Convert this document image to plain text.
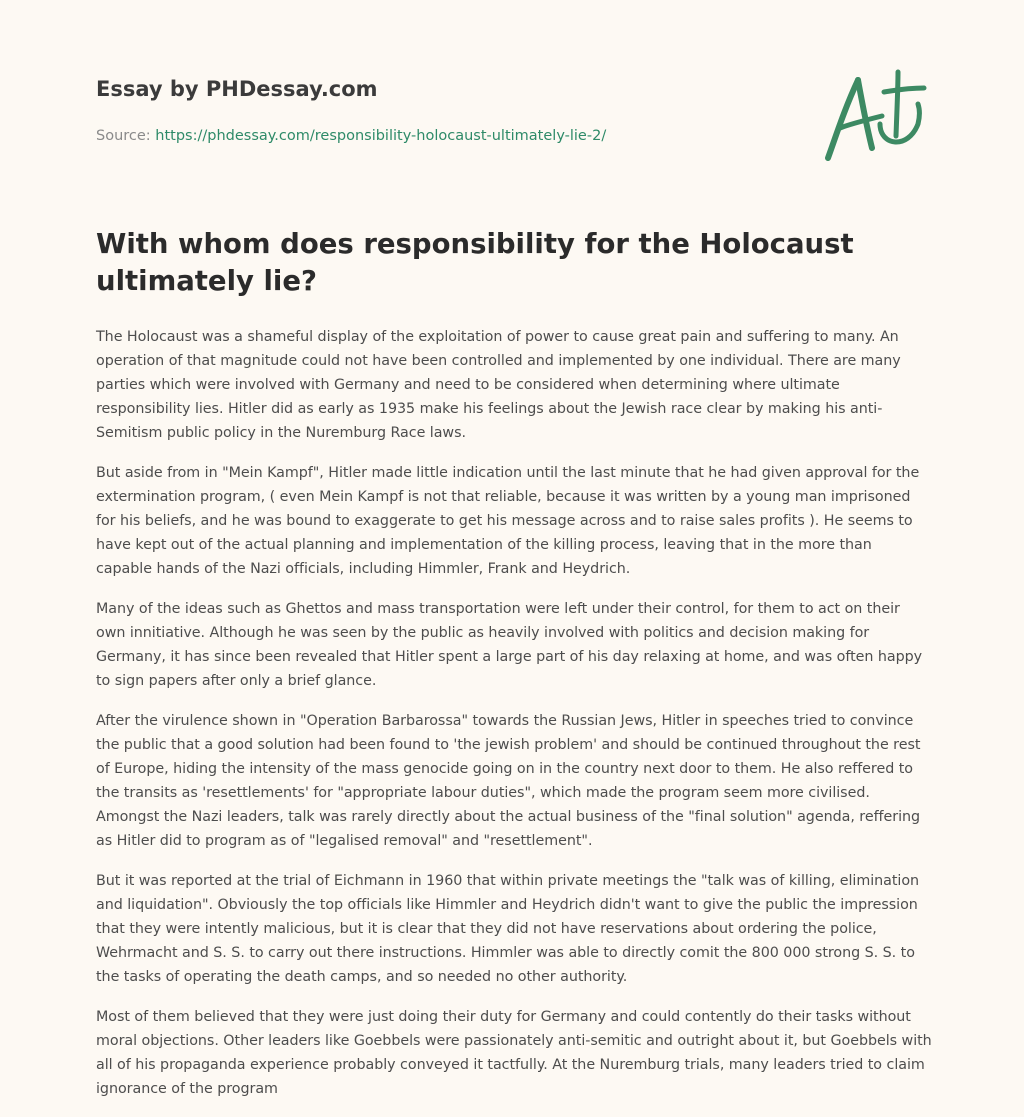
Essay by PHDessay.com
Source: https://phdessay.com/responsibility-holocaust-ultimately-lie-2/
With whom does responsibility for the Holocaust ultimately lie?

The Holocaust was a shameful display of the exploitation of power to cause great pain and suffering to many. An operation of that magnitude could not have been controlled and implemented by one individual. There are many parties which were involved with Germany and need to be considered when determining where ultimate responsibility lies. Hitler did as early as 1935 make his feelings about the Jewish race clear by making his anti-Semitism public policy in the Nuremburg Race laws.

But aside from in "Mein Kampf", Hitler made little indication until the last minute that he had given approval for the extermination program, ( even Mein Kampf is not that reliable, because it was written by a young man imprisoned for his beliefs, and he was bound to exaggerate to get his message across and to raise sales profits ). He seems to have kept out of the actual planning and implementation of the killing process, leaving that in the more than capable hands of the Nazi officials, including Himmler, Frank and Heydrich.

Many of the ideas such as Ghettos and mass transportation were left under their control, for them to act on their own innitiative. Although he was seen by the public as heavily involved with politics and decision making for Germany, it has since been revealed that Hitler spent a large part of his day relaxing at home, and was often happy to sign papers after only a brief glance.

After the virulence shown in "Operation Barbarossa" towards the Russian Jews, Hitler in speeches tried to convince the public that a good solution had been found to 'the jewish problem' and should be continued throughout the rest of Europe, hiding the intensity of the mass genocide going on in the country next door to them. He also reffered to the transits as 'resettlements' for "appropriate labour duties", which made the program seem more civilised. Amongst the Nazi leaders, talk was rarely directly about the actual business of the "final solution" agenda, reffering as Hitler did to program as of "legalised removal" and "resettlement".

But it was reported at the trial of Eichmann in 1960 that within private meetings the "talk was of killing, elimination and liquidation". Obviously the top officials like Himmler and Heydrich didn't want to give the public the impression that they were intently malicious, but it is clear that they did not have reservations about ordering the police, Wehrmacht and S. S. to carry out there instructions. Himmler was able to directly comit the 800 000 strong S. S. to the tasks of operating the death camps, and so needed no other authority.

Most of them believed that they were just doing their duty for Germany and could contently do their tasks without moral objections. Other leaders like Goebbels were passionately anti-semitic and outright about it, but Goebbels with all of his propaganda experience probably conveyed it tactfully. At the Nuremburg trials, many leaders tried to claim ignorance of the program
